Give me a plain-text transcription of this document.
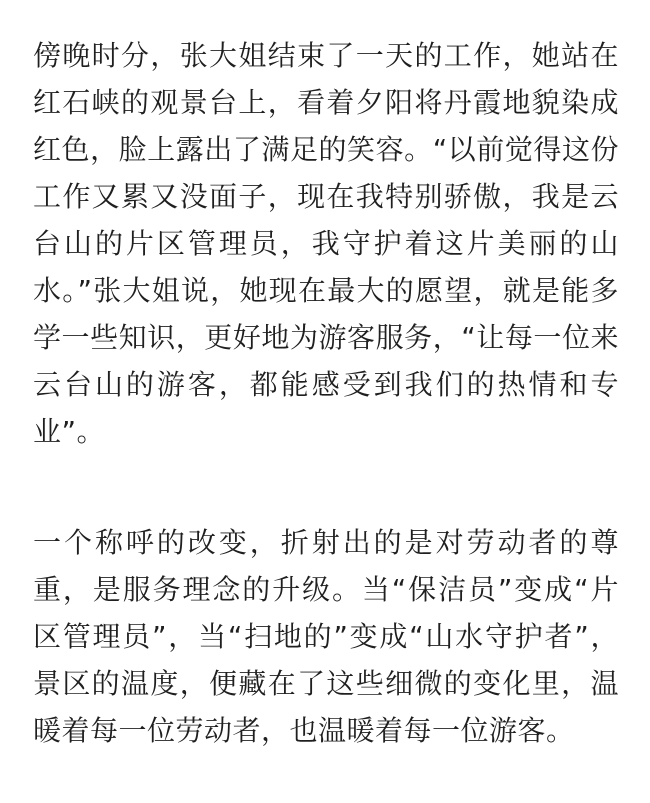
傍晚时分，张大姐结束了一天的工作，她站在红石峡的观景台上，看着夕阳将丹霞地貌染成红色，脸上露出了满足的笑容。“以前觉得这份工作又累又没面子，现在我特别骄傲，我是云台山的片区管理员，我守护着这片美丽的山水。”张大姐说，她现在最大的愿望，就是能多学一些知识，更好地为游客服务，“让每一位来云台山的游客，都能感受到我们的热情和专业”。

一个称呼的改变，折射出的是对劳动者的尊重，是服务理念的升级。当“保洁员”变成“片区管理员”，当“扫地的”变成“山水守护者”，景区的温度，便藏在了这些细微的变化里，温暖着每一位劳动者，也温暖着每一位游客。
